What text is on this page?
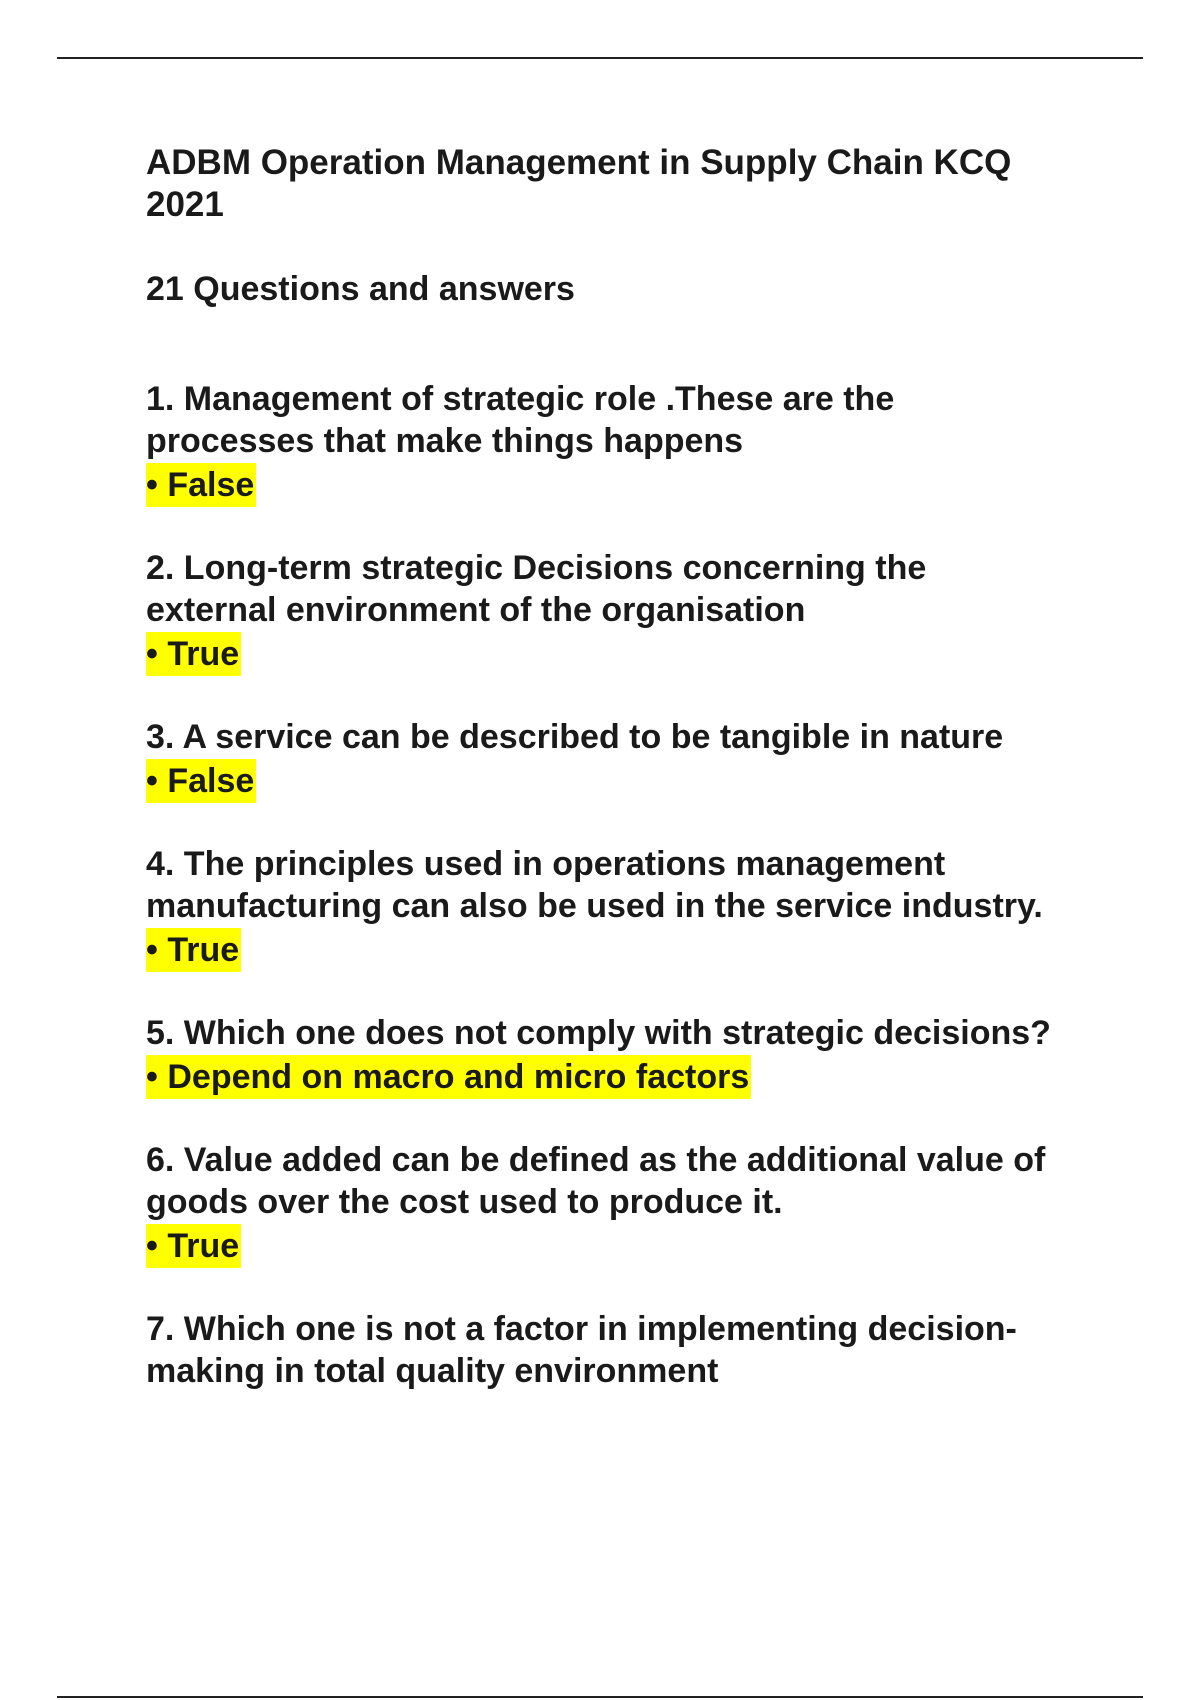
ADBM Operation Management in Supply Chain KCQ 2021
21 Questions and answers

1. Management of strategic role .These are the processes that make things happens

• False

2. Long-term strategic Decisions concerning the external environment of the organisation

• True

3. A service can be described to be tangible in nature

• False

4. The principles used in operations management manufacturing can also be used in the service industry.

• True

5. Which one does not comply with strategic decisions?

• Depend on macro and micro factors

6. Value added can be defined as the additional value of goods over the cost used to produce it.

• True

7. Which one is not a factor in implementing decision-making in total quality environment
